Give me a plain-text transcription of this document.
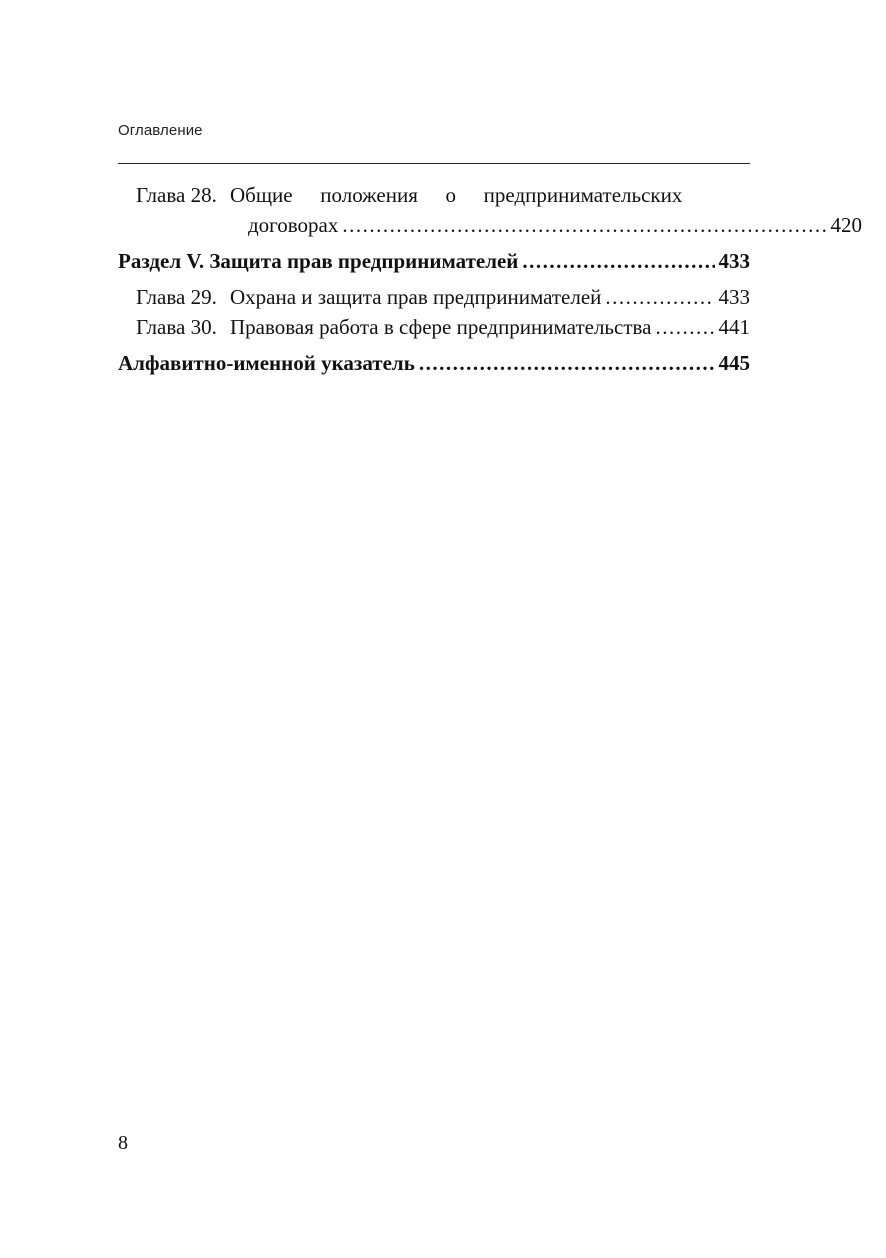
Оглавление
Глава 28. Общие положения о предпринимательских
договорах .....	420
Раздел V. Защита прав предпринимателей .....	433
Глава 29. Охрана и защита прав предпринимателей .....	433
Глава 30. Правовая работа в сфере предпринимательства .....	441
Алфавитно-именной указатель .....	445
8
